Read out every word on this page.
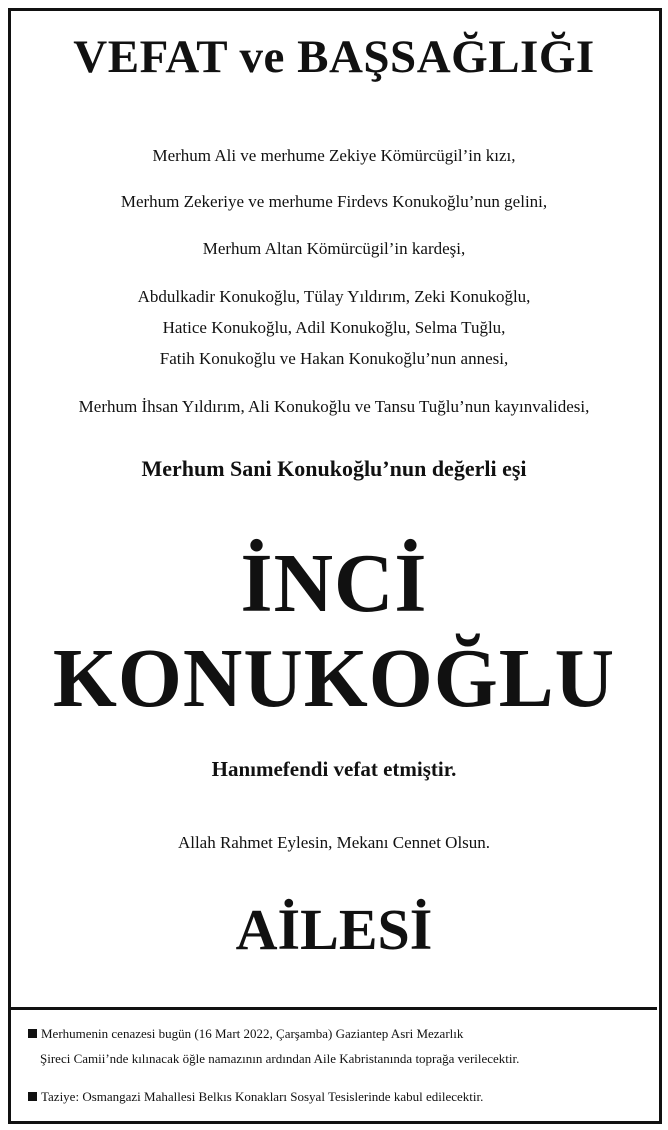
VEFAT ve BAŞSAĞLIĞI
Merhum Ali ve merhume Zekiye Kömürcügil’in kızı,
Merhum Zekeriye ve merhume Firdevs Konukoğlu’nun gelini,
Merhum Altan Kömürcügil’in kardeşi,
Abdulkadir Konukoğlu, Tülay Yıldırım, Zeki Konukoğlu,
Hatice Konukoğlu, Adil Konukoğlu, Selma Tuğlu,
Fatih Konukoğlu ve Hakan Konukoğlu’nun annesi,
Merhum İhsan Yıldırım, Ali Konukoğlu ve Tansu Tuğlu’nun kayınvalidesi,
Merhum Sani Konukoğlu’nun değerli eşi
İNCİ
KONUKOĞLU
Hanımefendi vefat etmiştir.
Allah Rahmet Eylesin, Mekanı Cennet Olsun.
AİLESİ
Merhumenin cenazesi bugün (16 Mart 2022, Çarşamba) Gaziantep Asri Mezarlık
Şireci Camii’nde kılınacak öğle namazının ardından Aile Kabristanında toprağa verilecektir.
Taziye: Osmangazi Mahallesi Belkıs Konakları Sosyal Tesislerinde kabul edilecektir.
